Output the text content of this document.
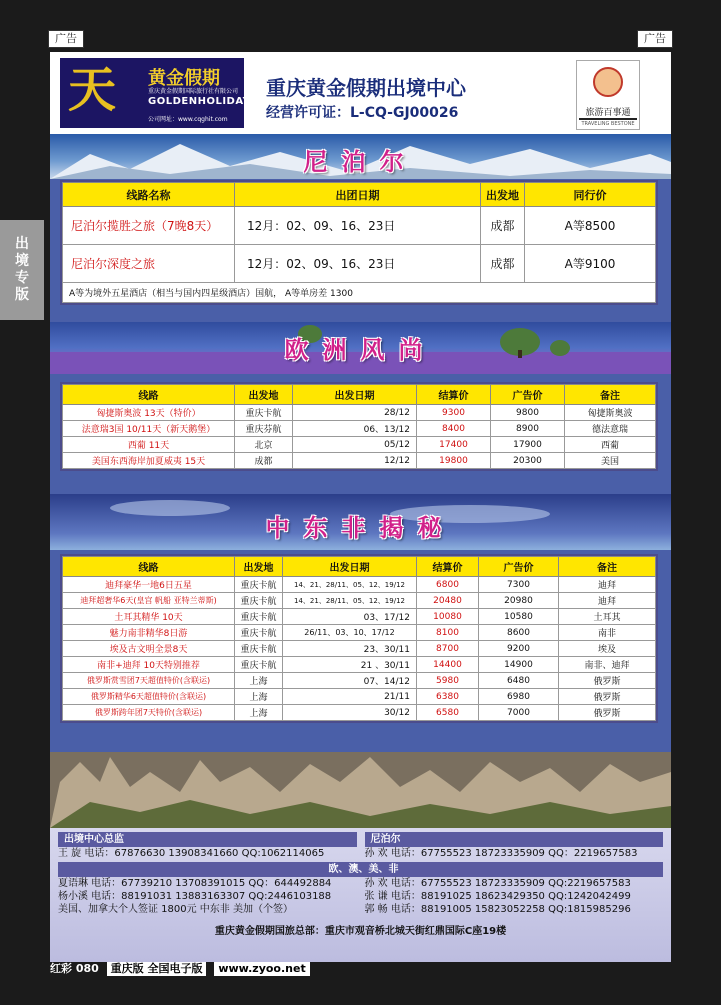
广告	广告
出
境
专
版
天 黄金假期
重庆黄金假期国际旅行社有限公司
GOLDENHOLIDAY
公司网址：www.cqghit.com
重庆黄金假期出境中心
经营许可证：L-CQ-GJ00026	旅游百事通
TRAVELING BESTONE
尼泊尔
线路名称	出团日期	出发地	同行价
尼泊尔揽胜之旅（7晚8天）	12月：02、09、16、23日	成都	A等8500
尼泊尔深度之旅	12月：02、09、16、23日	成都	A等9100
A等为境外五星酒店（相当与国内四星级酒店）国航， A等单房差 1300			
欧洲风尚
线路	出发地	出发日期	结算价	广告价	备注
匈捷斯奥波 13天（特价）	重庆卡航	28/12	9300	9800	匈捷斯奥波
法意瑞3国 10/11天（新天鹅堡）	重庆芬航	06、13/12	8400	8900	德法意瑞
西葡 11天	北京	05/12	17400	17900	西葡
美国东西海岸加夏威夷 15天	成都	12/12	19800	20300	美国
中东非揭秘
线路	出发地	出发日期	结算价	广告价	备注
迪拜豪华一地6日五星	重庆卡航	14、21、28/11、05、12、19/12	6800	7300	迪拜
迪拜超奢华6天(皇宫 帆船 亚特兰蒂斯)	重庆卡航	14、21、28/11、05、12、19/12	20480	20980	迪拜
土耳其精华 10天	重庆卡航	03、17/12	10080	10580	土耳其
魅力南非精华8日游	重庆卡航	26/11、03、10、17/12	8100	8600	南非
埃及古文明全景8天	重庆卡航	23、30/11	8700	9200	埃及
南非+迪拜 10天特别推荐	重庆卡航	21 、30/11	14400	14900	南非、迪拜
俄罗斯赏雪团7天超值特价(含联运)	上海	07、14/12	5980	6480	俄罗斯
俄罗斯精华6天超值特价(含联运)	上海	21/11	6380	6980	俄罗斯
俄罗斯跨年团7天特价(含联运)	上海	30/12	6580	7000	俄罗斯
出境中心总监
王 旋 电话：67876630 13908341660 QQ:1062114065
尼泊尔
孙 欢 电话：67755523 18723335909 QQ：2219657583
欧、澳、美、非
夏语琳 电话：67739210 13708391015 QQ：644492884
杨小溪 电话：88191031 13883163307 QQ:2446103188
美国、加拿大个人签证 1800元 中东非 美加（个签）
孙 欢 电话：67755523 18723335909 QQ:2219657583
张 谦 电话：88191025 18623429350 QQ:1242042499
郭 畅 电话：88191005 15823052258 QQ:1815985296
重庆黄金假期国旅总部：重庆市观音桥北城天街红鼎国际C座19楼
红彩 080 重庆版 全国电子版 www.zyoo.net
